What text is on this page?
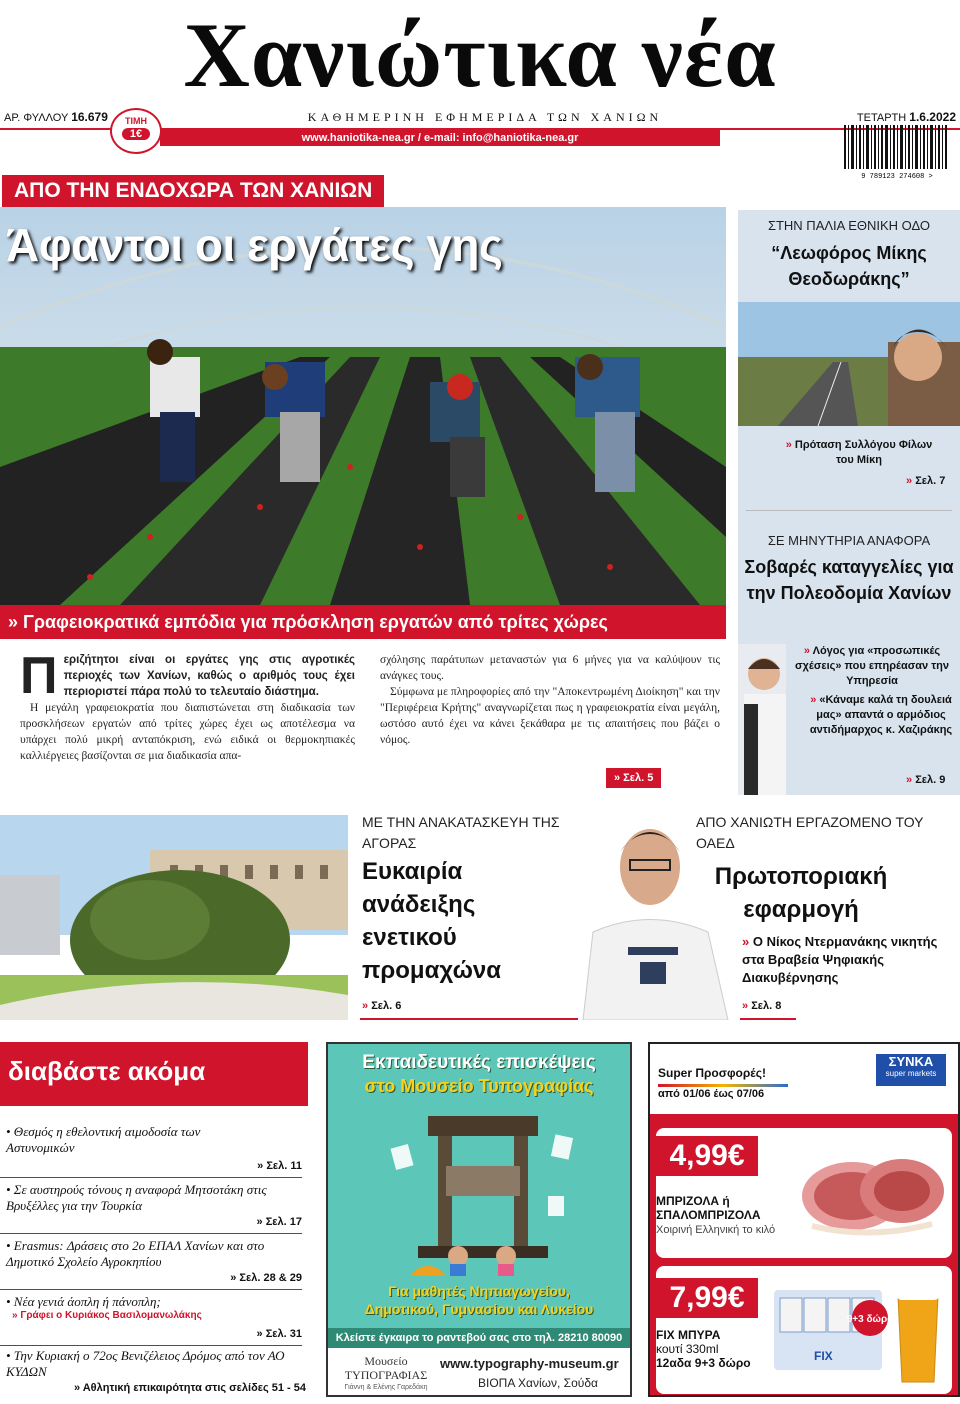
Χανιώτικα νέα
ΑΡ. ΦΥΛΛΟΥ 16.679	ΚΑΘΗΜΕΡΙΝΗ ΕΦΗΜΕΡΙΔΑ ΤΩΝ ΧΑΝΙΩΝ	ΤΕΤΑΡΤΗ 1.6.2022
www.haniotika-nea.gr / e-mail: info@haniotika-nea.gr
ΤΙΜΗ
1€
9 789123 274608 >
ΑΠΟ ΤΗΝ ΕΝΔΟΧΩΡΑ ΤΩΝ ΧΑΝΙΩΝ
Άφαντοι οι εργάτες γης
» Γραφειοκρατικά εμπόδια για πρόσκληση εργατών από τρίτες χώρες
Π εριζήτητοι είναι οι εργάτες γης στις αγροτικές περιοχές των Χανίων, καθώς ο αριθμός τους έχει περιοριστεί πάρα πολύ το τελευταίο διάστημα.
Η μεγάλη γραφειοκρατία που διαπιστώνεται στη διαδικασία των προσκλήσεων εργατών από τρίτες χώρες έχει ως αποτέλεσμα να υπάρχει πολύ μικρή ανταπόκριση, ενώ ειδικά οι θερμοκηπιακές καλλιέργειες βασίζονται σε μια διαδικασία απα-
σχόλησης παράτυπων μεταναστών για 6 μήνες για να καλύψουν τις ανάγκες τους.
Σύμφωνα με πληροφορίες από την "Αποκεντρωμένη Διοίκηση" και την "Περιφέρεια Κρήτης" αναγνωρίζεται πως η γραφειοκρατία είναι μεγάλη, ωστόσο αυτό έχει να κάνει ξεκάθαρα με τις απαιτήσεις που βάζει ο νόμος.
» Σελ. 5
ΣΤΗΝ ΠΑΛΙΑ ΕΘΝΙΚΗ ΟΔΟ
“Λεωφόρος Μίκης Θεοδωράκης”
» Πρόταση Συλλόγου Φίλων του Μίκη
» Σελ. 7
ΣΕ ΜΗΝΥΤΗΡΙΑ ΑΝΑΦΟΡΑ
Σοβαρές καταγγελίες για την Πολεοδομία Χανίων
» Λόγος για «προσωπικές σχέσεις» που επηρέασαν την Υπηρεσία
» «Κάναμε καλά τη δουλειά μας» απαντά ο αρμόδιος αντιδήμαρχος κ. Χαζιράκης
» Σελ. 9
ΜΕ ΤΗΝ ΑΝΑΚΑΤΑΣΚΕΥΗ ΤΗΣ ΑΓΟΡΑΣ
Ευκαιρία ανάδειξης ενετικού προμαχώνα
» Σελ. 6
ΑΠΟ ΧΑΝΙΩΤΗ ΕΡΓΑΖΟΜΕΝΟ ΤΟΥ ΟΑΕΔ
Πρωτοποριακή εφαρμογή
» Ο Νίκος Ντερμανάκης νικητής στα Βραβεία Ψηφιακής Διακυβέρνησης
» Σελ. 8
διαβάστε ακόμα
• Θεσμός η εθελοντική αιμοδοσία των Αστυνομικών
» Σελ. 11
• Σε αυστηρούς τόνους η αναφορά Μητσοτάκη στις Βρυξέλλες για την Τουρκία
» Σελ. 17
• Erasmus: Δράσεις στο 2ο ΕΠΑΛ Χανίων και στο Δημοτικό Σχολείο Αγροκηπίου
» Σελ. 28 & 29
• Νέα γενιά άοπλη ή πάνοπλη;
» Γράφει ο Κυριάκος Βασιλομανωλάκης
» Σελ. 31
• Την Κυριακή ο 72ος Βενιζέλειος Δρόμος από τον ΑΟ ΚΥΔΩΝ
» Αθλητική επικαιρότητα στις σελίδες 51 - 54
Εκπαιδευτικές επισκέψεις
στο Μουσείο Τυπογραφίας
Για μαθητές Νηπιαγωγείου,
Δημοτικού, Γυμνασίου και Λυκείου
Κλείστε έγκαιρα το ραντεβού σας στο τηλ. 28210 80090
Μουσείο ΤΥΠΟΓΡΑΦΙΑΣ
Γιάννη & Ελένης Γαρεδάκη
www.typography-museum.gr
ΒΙΟΠΑ Χανίων, Σούδα
Super Προσφορές!
από 01/06 έως 07/06
ΣΥΝΚΑ
super markets
4,99€
ΜΠΡΙΖΟΛΑ ή
ΣΠΑΛΟΜΠΡΙΖΟΛΑ
Χοιρινή Ελληνική το κιλό
7,99€
FIX ΜΠΥΡΑ
κουτί 330ml
12αδα 9+3 δώρο	FIX
9+3 δώρο
